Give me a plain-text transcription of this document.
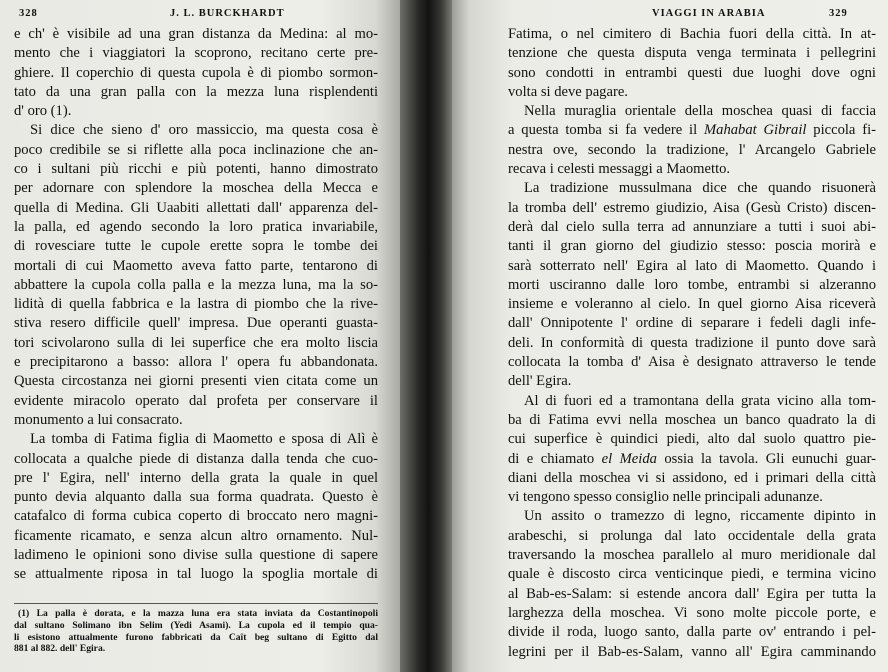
328	J. L. BURCKHARDT
e ch' è visibile ad una gran distanza da Medina: al mo-
mento che i viaggiatori la scoprono, recitano certe pre-
ghiere. Il coperchio di questa cupola è di piombo sormon-
tato da una gran palla con la mezza luna risplendenti
d' oro (1).
Si dice che sieno d' oro massiccio, ma questa cosa è
poco credibile se si riflette alla poca inclinazione che an-
co i sultani più ricchi e più potenti, hanno dimostrato
per adornare con splendore la moschea della Mecca e
quella di Medina. Gli Uaabiti allettati dall' apparenza del-
la palla, ed agendo secondo la loro pratica invariabile,
di rovesciare tutte le cupole erette sopra le tombe dei
mortali di cui Maometto aveva fatto parte, tentarono di
abbattere la cupola colla palla e la mezza luna, ma la so-
lidità di quella fabbrica e la lastra di piombo che la rive-
stiva resero difficile quell' impresa. Due operanti guasta-
tori scivolarono sulla di lei superfice che era molto liscia
e precipitarono a basso: allora l' opera fu abbandonata.
Questa circostanza nei giorni presenti vien citata come un
evidente miracolo operato dal profeta per conservare il
monumento a lui consacrato.
La tomba di Fatima figlia di Maometto e sposa di Alì è
collocata a qualche piede di distanza dalla tenda che cuo-
pre l' Egira, nell' interno della grata la quale in quel
punto devia alquanto dalla sua forma quadrata. Questo è
catafalco di forma cubica coperto di broccato nero magni-
ficamente ricamato, e senza alcun altro ornamento. Nul-
ladimeno le opinioni sono divise sulla questione di sapere
se attualmente riposa in tal luogo la spoglia mortale di
(1) La palla è dorata, e la mazza luna era stata inviata da Costantinopoli
dal sultano Solimano ibn Selim (Yedi Asami). La cupola ed il tempio qua-
li esistono attualmente furono fabbricati da Caît beg sultano di Egitto dal
881 al 882. dell' Egira.
VIAGGI IN ARABIA	329
Fatima, o nel cimitero di Bachia fuori della città. In at-
tenzione che questa disputa venga terminata i pellegrini
sono condotti in entrambi questi due luoghi dove ogni
volta si deve pagare.
Nella muraglia orientale della moschea quasi di faccia
a questa tomba si fa vedere il Mahabat Gibrail piccola fi-
nestra ove, secondo la tradizione, l' Arcangelo Gabriele
recava i celesti messaggi a Maometto.
La tradizione mussulmana dice che quando risuonerà
la tromba dell' estremo giudizio, Aisa (Gesù Cristo) discen-
derà dal cielo sulla terra ad annunziare a tutti i suoi abi-
tanti il gran giorno del giudizio stesso: poscia morirà e
sarà sotterrato nell' Egira al lato di Maometto. Quando i
morti usciranno dalle loro tombe, entrambi si alzeranno
insieme e voleranno al cielo. In quel giorno Aisa riceverà
dall' Onnipotente l' ordine di separare i fedeli dagli infe-
deli. In conformità di questa tradizione il punto dove sarà
collocata la tomba d' Aisa è designato attraverso le tende
dell' Egira.
Al di fuori ed a tramontana della grata vicino alla tom-
ba di Fatima evvi nella moschea un banco quadrato la di
cui superfice è quindici piedi, alto dal suolo quattro pie-
di e chiamato el Meida ossia la tavola. Gli eunuchi guar-
diani della moschea vi si assidono, ed i primari della città
vi tengono spesso consiglio nelle principali adunanze.
Un assito o tramezzo di legno, riccamente dipinto in
arabeschi, si prolunga dal lato occidentale della grata
traversando la moschea parallelo al muro meridionale dal
quale è discosto circa venticinque piedi, e termina vicino
al Bab-es-Salam: si estende ancora dall' Egira per tutta la
larghezza della moschea. Vi sono molte piccole porte, e
divide il roda, luogo santo, dalla parte ov' entrando i pel-
legrini per il Bab-es-Salam, vanno all' Egira camminando
